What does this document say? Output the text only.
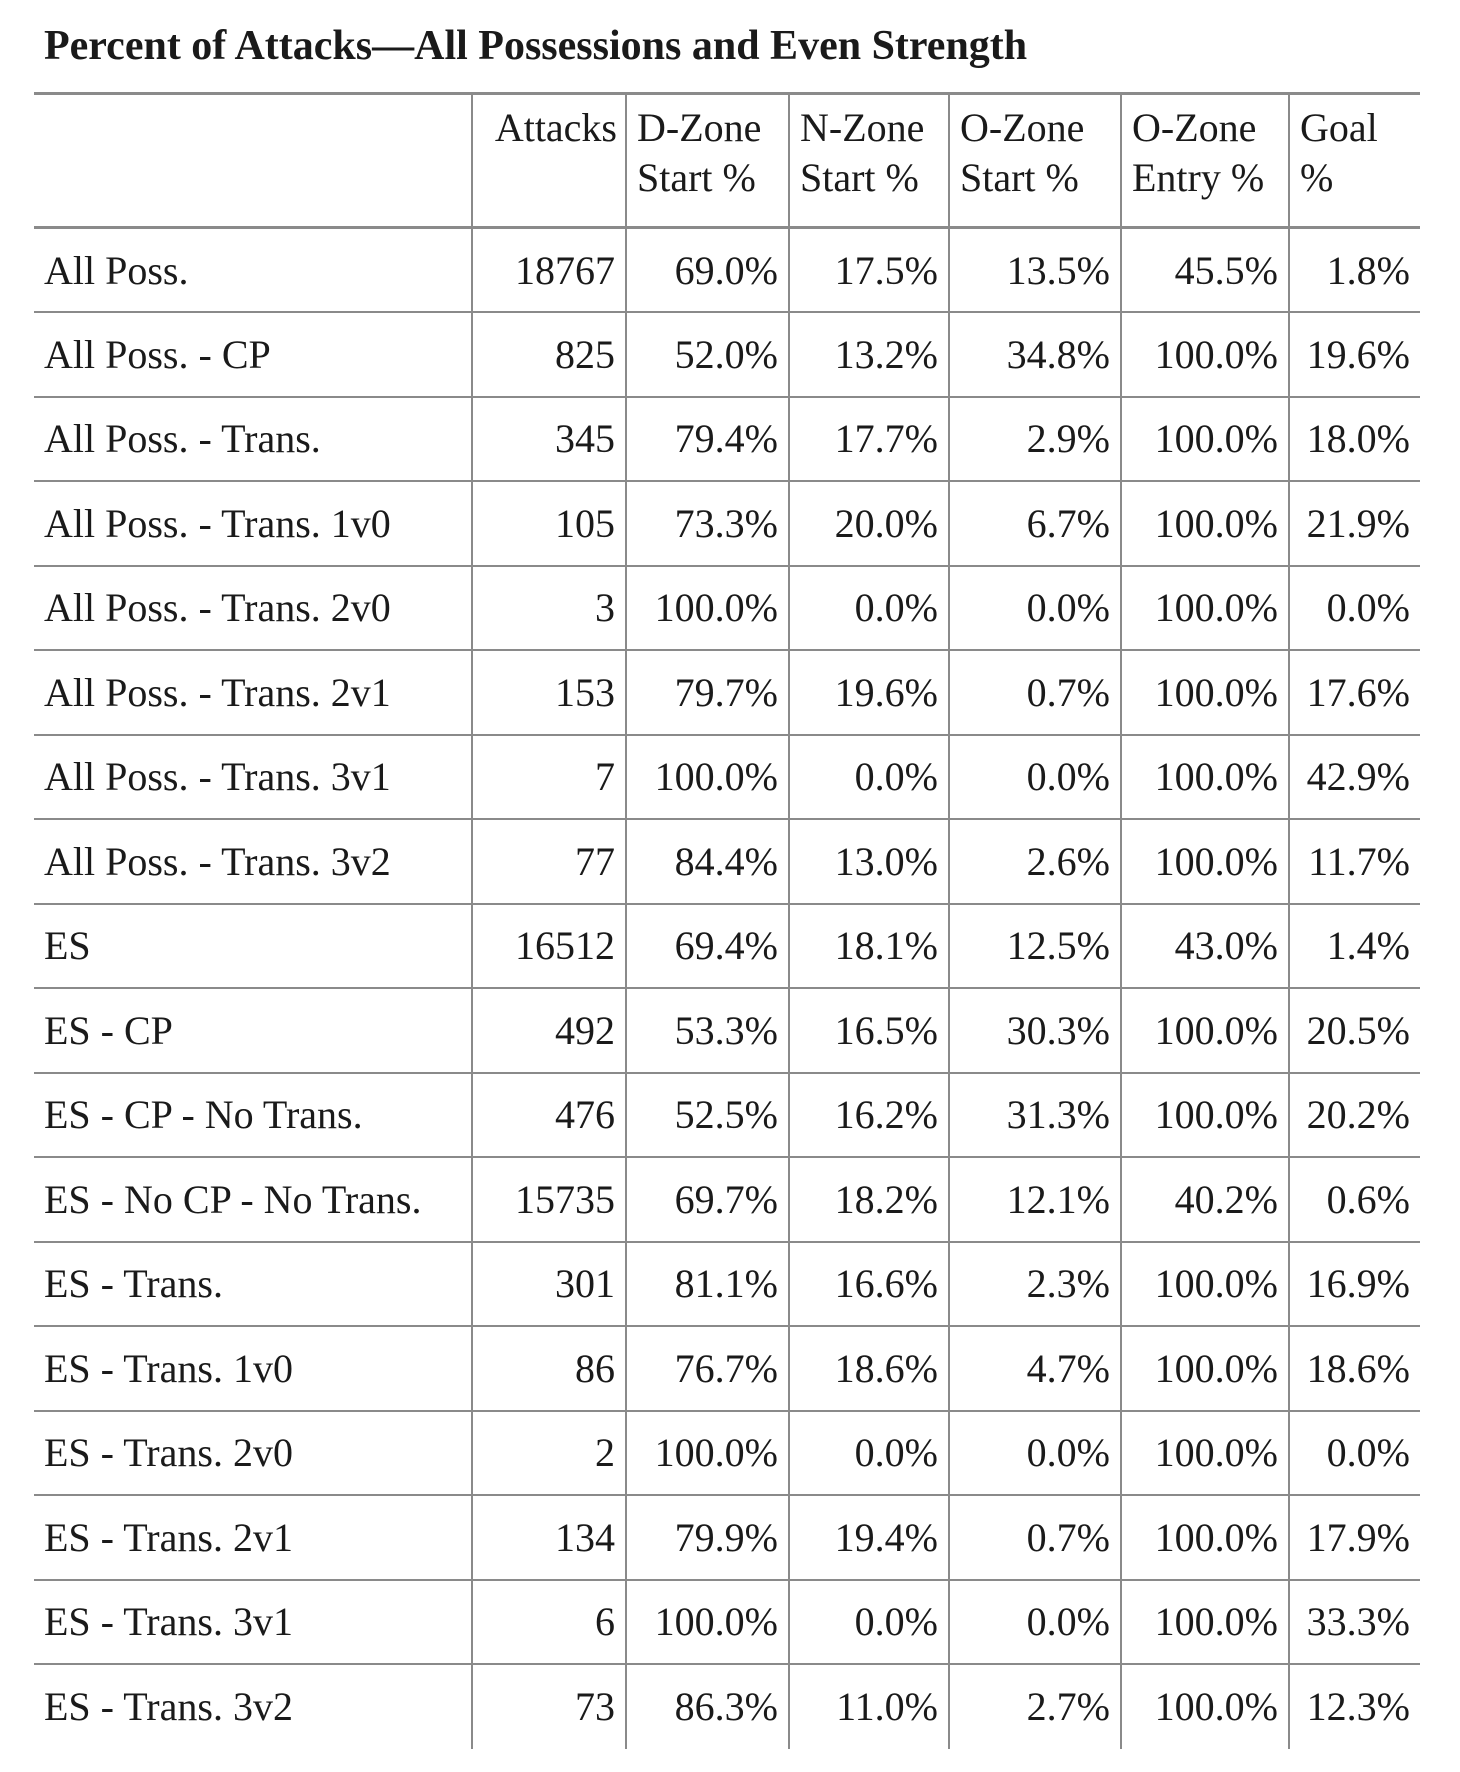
Percent of Attacks—All Possessions and Even Strength
	Attacks	D-Zone Start %	N-Zone Start %	O-Zone Start %	O-Zone Entry %	Goal %
All Poss.	18767	69.0%	17.5%	13.5%	45.5%	1.8%
All Poss. - CP	825	52.0%	13.2%	34.8%	100.0%	19.6%
All Poss. - Trans.	345	79.4%	17.7%	2.9%	100.0%	18.0%
All Poss. - Trans. 1v0	105	73.3%	20.0%	6.7%	100.0%	21.9%
All Poss. - Trans. 2v0	3	100.0%	0.0%	0.0%	100.0%	0.0%
All Poss. - Trans. 2v1	153	79.7%	19.6%	0.7%	100.0%	17.6%
All Poss. - Trans. 3v1	7	100.0%	0.0%	0.0%	100.0%	42.9%
All Poss. - Trans. 3v2	77	84.4%	13.0%	2.6%	100.0%	11.7%
ES	16512	69.4%	18.1%	12.5%	43.0%	1.4%
ES - CP	492	53.3%	16.5%	30.3%	100.0%	20.5%
ES - CP - No Trans.	476	52.5%	16.2%	31.3%	100.0%	20.2%
ES - No CP - No Trans.	15735	69.7%	18.2%	12.1%	40.2%	0.6%
ES - Trans.	301	81.1%	16.6%	2.3%	100.0%	16.9%
ES - Trans. 1v0	86	76.7%	18.6%	4.7%	100.0%	18.6%
ES - Trans. 2v0	2	100.0%	0.0%	0.0%	100.0%	0.0%
ES - Trans. 2v1	134	79.9%	19.4%	0.7%	100.0%	17.9%
ES - Trans. 3v1	6	100.0%	0.0%	0.0%	100.0%	33.3%
ES - Trans. 3v2	73	86.3%	11.0%	2.7%	100.0%	12.3%
